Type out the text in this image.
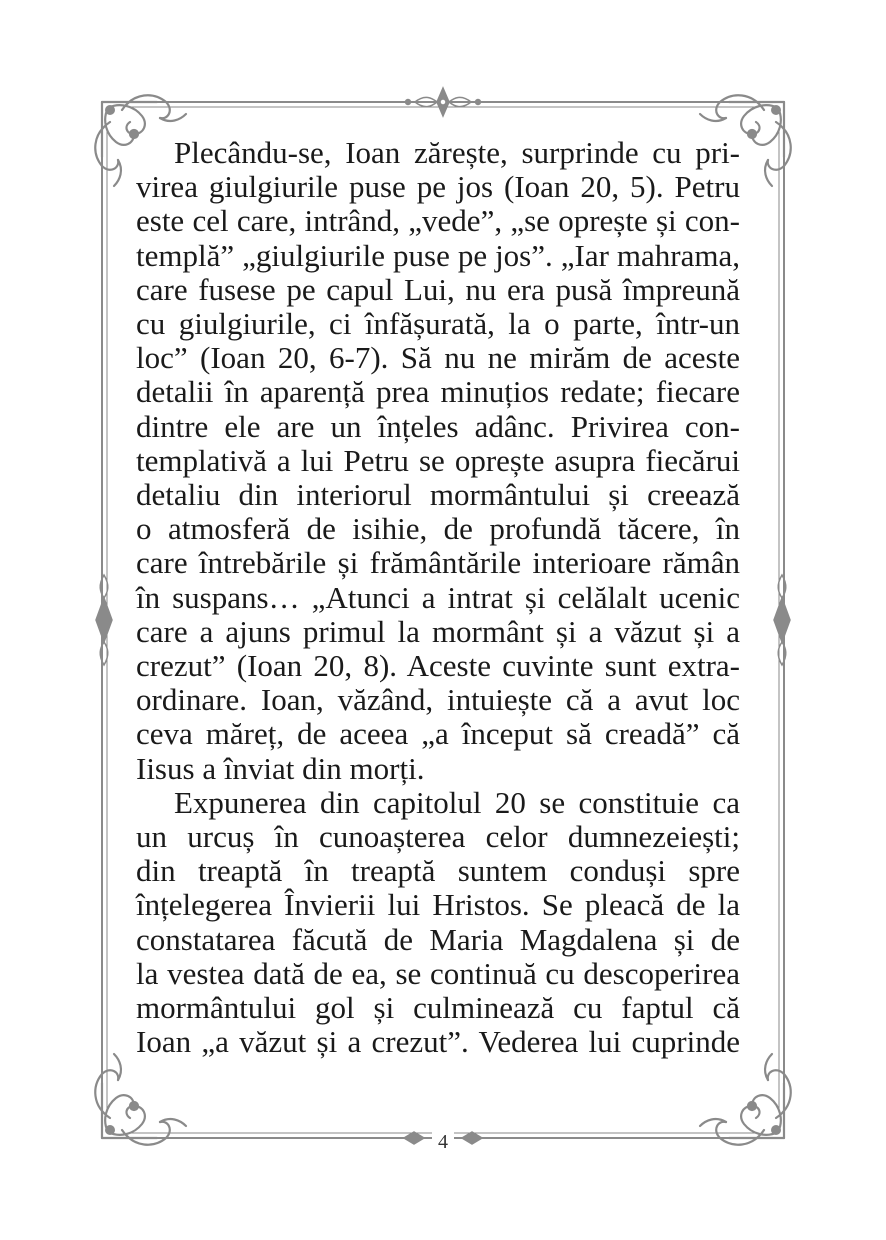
Plecându-se, Ioan zărește, surprinde cu pri-
virea giulgiurile puse pe jos (Ioan 20, 5). Petru
este cel care, intrând, „vede”, „se oprește și con-
templă” „giulgiurile puse pe jos”. „Iar mahrama,
care fusese pe capul Lui, nu era pusă împreună
cu giulgiurile, ci înfășurată, la o parte, într-un
loc” (Ioan 20, 6-7). Să nu ne mirăm de aceste
detalii în aparență prea minuțios redate; fiecare
dintre ele are un înțeles adânc. Privirea con-
templativă a lui Petru se oprește asupra fiecărui
detaliu din interiorul mormântului și creează
o atmosferă de isihie, de profundă tăcere, în
care întrebările și frământările interioare rămân
în suspans… „Atunci a intrat și celălalt ucenic
care a ajuns primul la mormânt și a văzut și a
crezut” (Ioan 20, 8). Aceste cuvinte sunt extra-
ordinare. Ioan, văzând, intuiește că a avut loc
ceva măreț, de aceea „a început să creadă” că
Iisus a înviat din morți.
Expunerea din capitolul 20 se constituie ca
un urcuș în cunoașterea celor dumnezeiești;
din treaptă în treaptă suntem conduși spre
înțelegerea Învierii lui Hristos. Se pleacă de la
constatarea făcută de Maria Magdalena și de
la vestea dată de ea, se continuă cu descoperirea
mormântului gol și culminează cu faptul că
Ioan „a văzut și a crezut”. Vederea lui cuprinde
4
